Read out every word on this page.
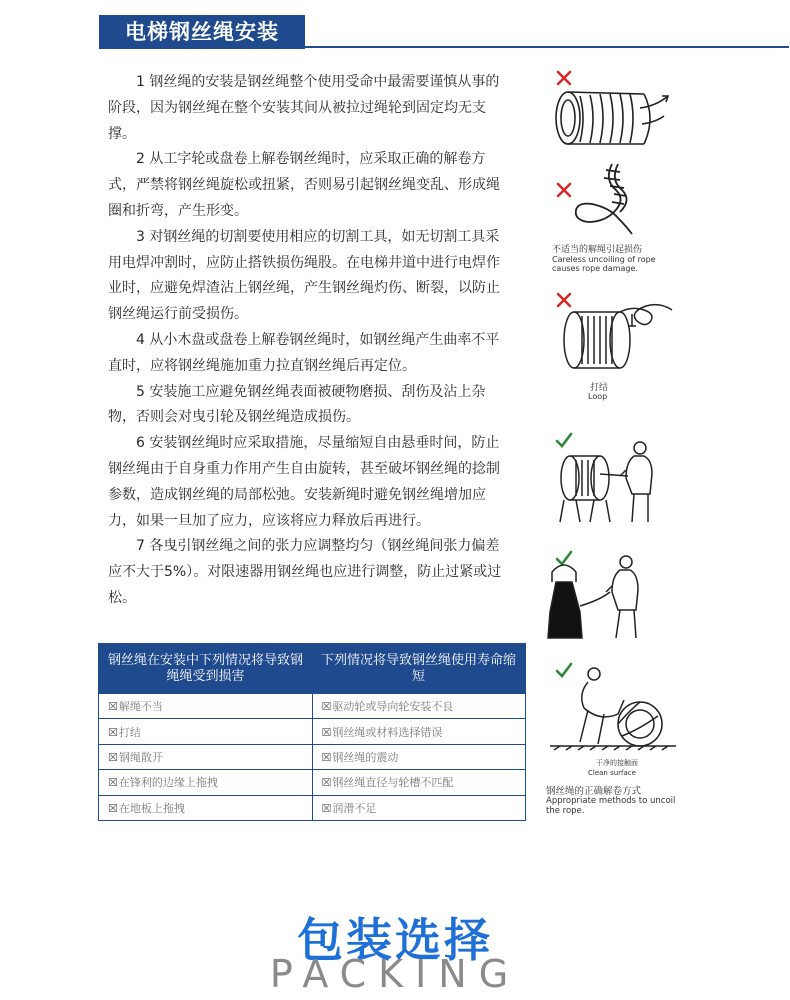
电梯钢丝绳安装

1 钢丝绳的安装是钢丝绳整个使用受命中最需要谨慎从事的阶段，因为钢丝绳在整个安装其间从被拉过绳轮到固定均无支撑。

2 从工字轮或盘卷上解卷钢丝绳时，应采取正确的解卷方式，严禁将钢丝绳旋松或扭紧，否则易引起钢丝绳变乱、形成绳圈和折弯，产生形变。

3 对钢丝绳的切割要使用相应的切割工具，如无切割工具采用电焊冲割时，应防止搭铁损伤绳股。在电梯井道中进行电焊作业时，应避免焊渣沾上钢丝绳，产生钢丝绳灼伤、断裂，以防止钢丝绳运行前受损伤。

4 从小木盘或盘卷上解卷钢丝绳时，如钢丝绳产生曲率不平直时，应将钢丝绳施加重力拉直钢丝绳后再定位。

5 安装施工应避免钢丝绳表面被硬物磨损、刮伤及沾上杂物，否则会对曳引轮及钢丝绳造成损伤。

6 安装钢丝绳时应采取措施，尽量缩短自由悬垂时间，防止钢丝绳由于自身重力作用产生自由旋转，甚至破坏钢丝绳的捻制参数，造成钢丝绳的局部松弛。安装新绳时避免钢丝绳增加应力，如果一旦加了应力，应该将应力释放后再进行。

7 各曳引钢丝绳之间的张力应调整均匀（钢丝绳间张力偏差应不大于5%）。对限速器用钢丝绳也应进行调整，防止过紧或过松。

钢丝绳在安装中下列情况将导致钢绳绳受到损害	下列情况将导致钢丝绳使用寿命缩短
☒解绳不当	☒驱动轮或导向轮安装不良
☒打结	☒钢丝绳或材料选择错误
☒钢绳散开	☒钢丝绳的震动
☒在锋利的边缘上拖拽	☒钢丝绳直径与轮槽不匹配
☒在地板上拖拽	☒润滑不足
不适当的解绳引起损伤
Careless uncoiling of rope
causes rope damage.
打结
Loop
干净的接触面
Clean surface
钢丝绳的正确解卷方式
Appropriate methods to uncoil
the rope.
包装选择
PACKING
